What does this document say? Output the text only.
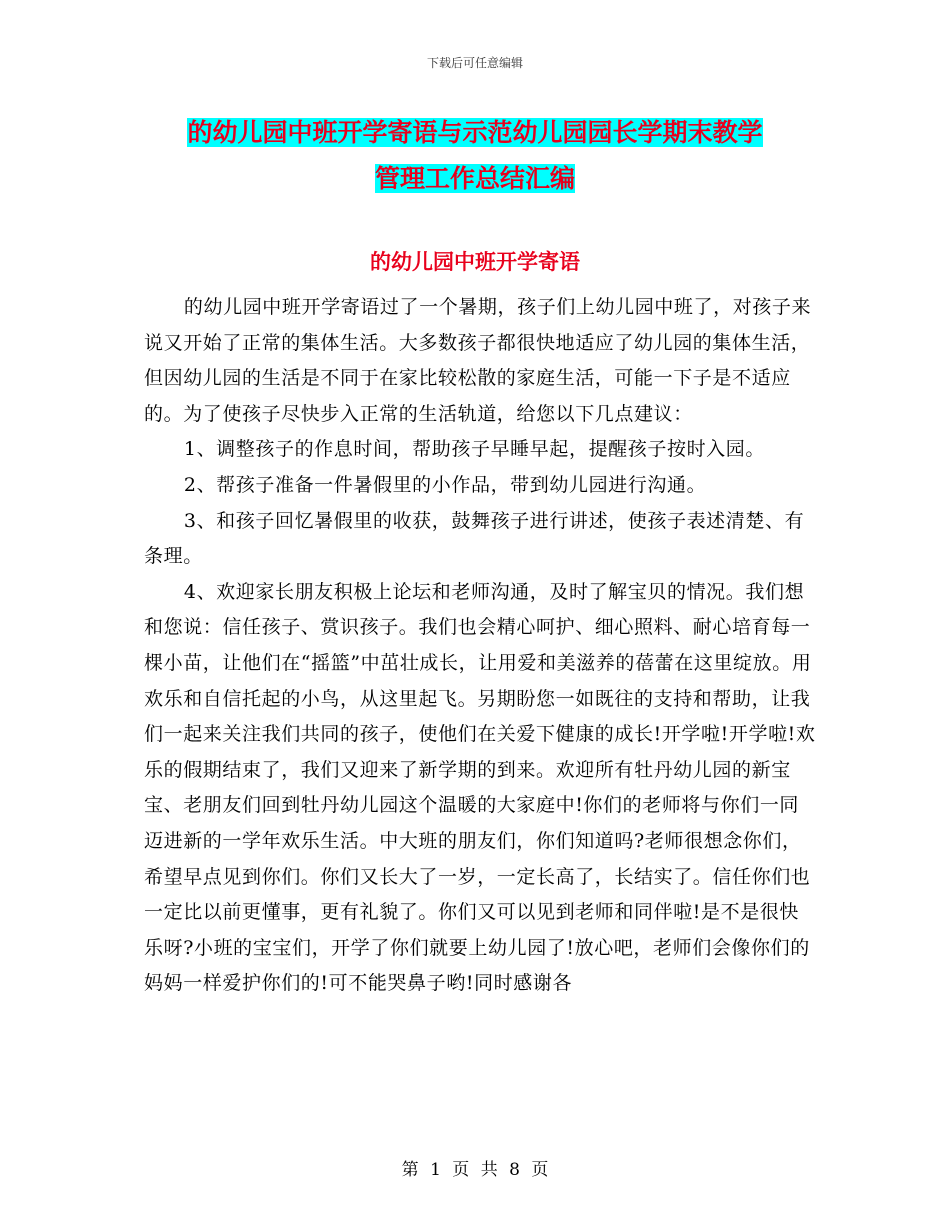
下载后可任意编辑
的幼儿园中班开学寄语与示范幼儿园园长学期末教学
管理工作总结汇编
的幼儿园中班开学寄语

的幼儿园中班开学寄语过了一个暑期，孩子们上幼儿园中班了，对孩子来说又开始了正常的集体生活。大多数孩子都很快地适应了幼儿园的集体生活，但因幼儿园的生活是不同于在家比较松散的家庭生活，可能一下子是不适应的。为了使孩子尽快步入正常的生活轨道，给您以下几点建议：

1、调整孩子的作息时间，帮助孩子早睡早起，提醒孩子按时入园。

2、帮孩子准备一件暑假里的小作品，带到幼儿园进行沟通。

3、和孩子回忆暑假里的收获，鼓舞孩子进行讲述，使孩子表述清楚、有条理。

4、欢迎家长朋友积极上论坛和老师沟通，及时了解宝贝的情况。我们想和您说：信任孩子、赏识孩子。我们也会精心呵护、细心照料、耐心培育每一棵小苗，让他们在“摇篮”中茁壮成长，让用爱和美滋养的蓓蕾在这里绽放。用欢乐和自信托起的小鸟，从这里起飞。另期盼您一如既往的支持和帮助，让我们一起来关注我们共同的孩子，使他们在关爱下健康的成长!开学啦!开学啦!欢乐的假期结束了，我们又迎来了新学期的到来。欢迎所有牡丹幼儿园的新宝宝、老朋友们回到牡丹幼儿园这个温暖的大家庭中!你们的老师将与你们一同迈进新的一学年欢乐生活。中大班的朋友们，你们知道吗?老师很想念你们，希望早点见到你们。你们又长大了一岁，一定长高了，长结实了。信任你们也一定比以前更懂事，更有礼貌了。你们又可以见到老师和同伴啦!是不是很快乐呀?小班的宝宝们，开学了你们就要上幼儿园了!放心吧，老师们会像你们的妈妈一样爱护你们的!可不能哭鼻子哟!同时感谢各

第 1 页 共 8 页
